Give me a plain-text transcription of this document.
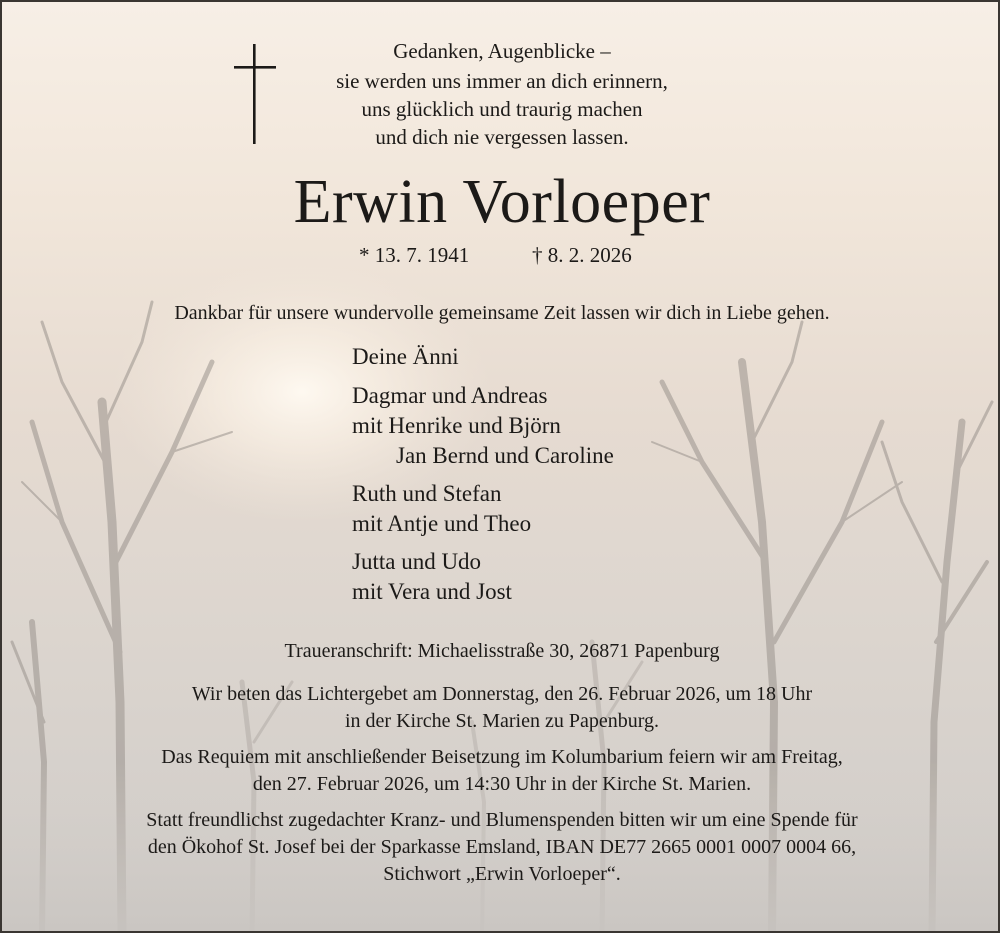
Gedanken, Augenblicke –

sie werden uns immer an dich erinnern,

uns glücklich und traurig machen

und dich nie vergessen lassen.

Erwin Vorloeper

* 13. 7. 1941	† 8. 2. 2026

Dankbar für unsere wundervolle gemeinsame Zeit lassen wir dich in Liebe gehen.

Deine Änni

Dagmar und Andreas

mit Henrike und Björn

Jan Bernd und Caroline

Ruth und Stefan

mit Antje und Theo

Jutta und Udo

mit Vera und Jost

Traueranschrift: Michaelisstraße 30, 26871 Papenburg

Wir beten das Lichtergebet am Donnerstag, den 26. Februar 2026, um 18 Uhr

in der Kirche St. Marien zu Papenburg.

Das Requiem mit anschließender Beisetzung im Kolumbarium feiern wir am Freitag,

den 27. Februar 2026, um 14:30 Uhr in der Kirche St. Marien.

Statt freundlichst zugedachter Kranz- und Blumenspenden bitten wir um eine Spende für

den Ökohof St. Josef bei der Sparkasse Emsland, IBAN DE77 2665 0001 0007 0004 66,

Stichwort „Erwin Vorloeper“.
